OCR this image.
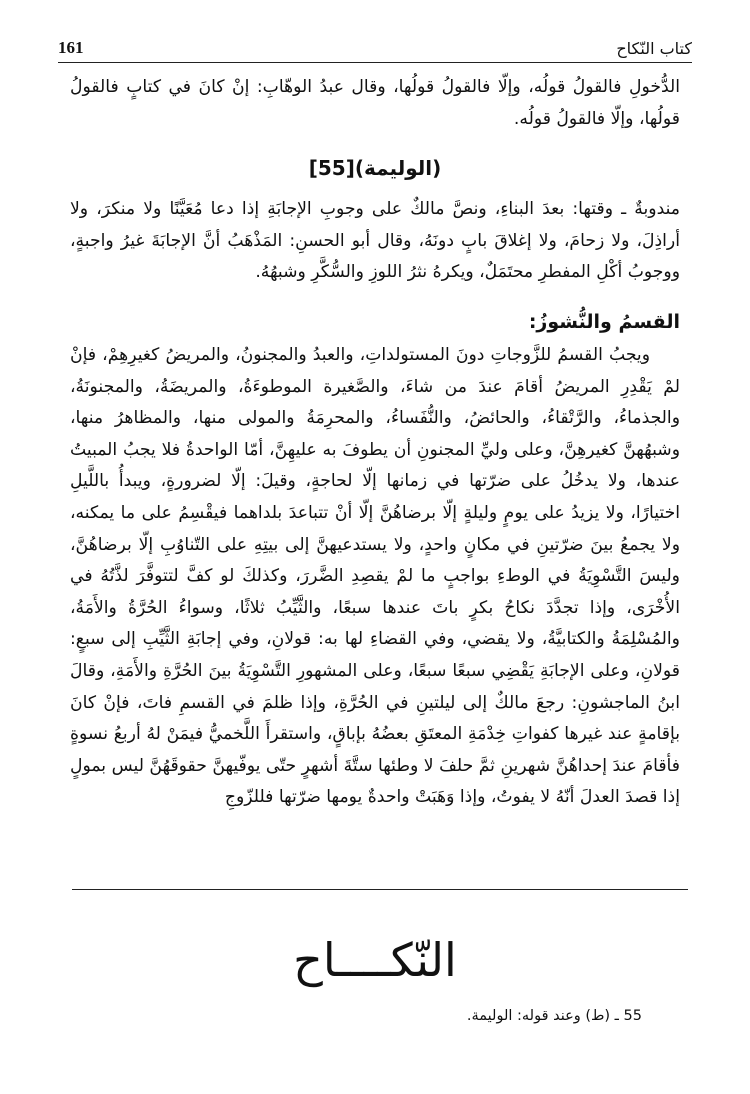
161	كتاب النّكاح

الدُّخولِ فالقولُ قولُه، وإلّا فالقولُ قولُها، وقال عبدُ الوهّابِ: إنْ كانَ في كتابٍ فالقولُ قولُها، وإلّا فالقولُ قولُه.

(الوليمة)[55]

مندوبةٌ ـ وقتها: بعدَ البناءِ، ونصَّ مالكٌ على وجوبِ الإجابَةِ إذا دعا مُعَيَّنًا ولا منكرَ، ولا أراذِلَ، ولا زحامَ، ولا إغلاقَ بابٍ دونَهُ، وقال أبو الحسنِ: المَذْهَبُ أنَّ الإجابَةَ غيرُ واجبةٍ، ووجوبُ أكْلِ المفطرِ محتَمَلٌ، ويكرهُ نثرُ اللوزِ والسُّكَّرِ وشبهُهُ.

القسمُ والنُّشوزُ:

ويجبُ القسمُ للزَّوجاتِ دونَ المستولداتِ، والعبدُ والمجنونُ، والمريضُ كغيرِهِمْ، فإنْ لمْ يَقْدِرِ المريضُ أقامَ عندَ من شاءَ، والصَّغيرة الموطوءَةُ، والمريضَةُ، والمجنونَةُ، والجذماءُ، والرَّتْقاءُ، والحائضُ، والنُّفَساءُ، والمحرِمَةُ والمولى منها، والمظاهرُ منها، وشبهُهنَّ كغيرهِنَّ، وعلى وليِّ المجنونِ أن يطوفَ به عليهِنَّ، أمّا الواحدةُ فلا يجبُ المبيتُ عندها، ولا يدخُلُ على ضرّتها في زمانها إلّا لحاجةٍ، وقيلَ: إلّا لضرورةٍ، ويبدأُ باللَّيلِ اختيارًا، ولا يزيدُ على يومٍ وليلةٍ إلّا برضاهُنَّ إلّا أنْ تتباعدَ بلداهما فيقْسِمُ على ما يمكنه، ولا يجمعُ بينَ ضرّتينِ في مكانٍ واحدٍ، ولا يستدعيهنَّ إلى بيتِهِ على التّناوُبِ إلّا برضاهُنَّ، وليسَ التَّسْوِيَةُ في الوطءِ بواجبٍ ما لمْ يقصِدِ الضَّررَ، وكذلكَ لو كفَّ لتتوفَّرَ لذَّتُهُ في الأُخْرَى، وإذا تجدَّدَ نكاحُ بكرٍ باتَ عندها سبعًا، والثَّيِّبُ ثلاثًا، وسواءُ الحُرَّةُ والأَمَةُ، والمُسْلِمَةُ والكتابيَّةُ، ولا يقضي، وفي القضاءِ لها به: قولانِ، وفي إجابَةِ الثَّيِّبِ إلى سبعٍ: قولانِ، وعلى الإجابَةِ يَقْضِي سبعًا سبعًا، وعلى المشهورِ التَّسْوِيَةُ بينَ الحُرَّةِ والأَمَةِ، وقالَ ابنُ الماجشونِ: رجعَ مالكٌ إلى ليلتينِ في الحُرَّةِ، وإذا ظلمَ في القسمِ فاتَ، فإنْ كانَ بإقامةٍ عند غيرها كفواتِ خِدْمَةِ المعتَقِ بعضُهُ بإباقٍ، واستقرأَ اللَّخميُّ فيمَنْ لهُ أربعُ نسوةٍ فأقامَ عندَ إحداهُنَّ شهرينِ ثمَّ حلفَ لا وطئها ستَّةَ أشهرٍ حتّى يوفّيهنَّ حقوقَهُنَّ ليس بمولٍ إذا قصدَ العدلَ أنّهُ لا يفوتُ، وإذا وَهَبَتْ واحدةٌ يومها ضرّتها فللزّوجِ

النّكــــاح
55 ـ (ط) وعند قوله: الوليمة.
